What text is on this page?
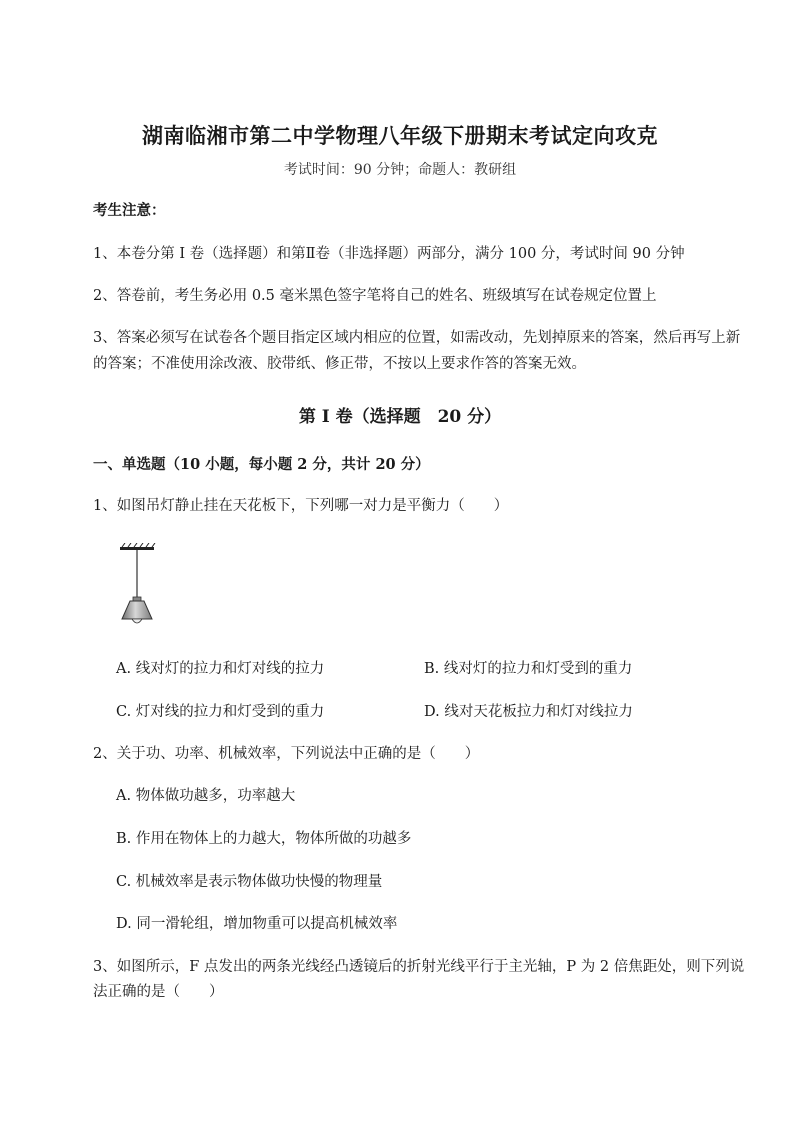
湖南临湘市第二中学物理八年级下册期末考试定向攻克
考试时间：90 分钟；命题人：教研组
考生注意：
1、本卷分第 I 卷（选择题）和第Ⅱ卷（非选择题）两部分，满分 100 分，考试时间 90 分钟
2、答卷前，考生务必用 0.5 毫米黑色签字笔将自己的姓名、班级填写在试卷规定位置上
3、答案必须写在试卷各个题目指定区域内相应的位置，如需改动，先划掉原来的答案，然后再写上新
的答案；不准使用涂改液、胶带纸、修正带，不按以上要求作答的答案无效。
第 I 卷（选择题　20 分）
一、单选题（10 小题，每小题 2 分，共计 20 分）
1、如图吊灯静止挂在天花板下，下列哪一对力是平衡力（　　）
A. 线对灯的拉力和灯对线的拉力	B. 线对灯的拉力和灯受到的重力
C. 灯对线的拉力和灯受到的重力	D. 线对天花板拉力和灯对线拉力
2、关于功、功率、机械效率，下列说法中正确的是（　　）
A. 物体做功越多，功率越大
B. 作用在物体上的力越大，物体所做的功越多
C. 机械效率是表示物体做功快慢的物理量
D. 同一滑轮组，增加物重可以提高机械效率
3、如图所示，F 点发出的两条光线经凸透镜后的折射光线平行于主光轴，P 为 2 倍焦距处，则下列说
法正确的是（　　）
